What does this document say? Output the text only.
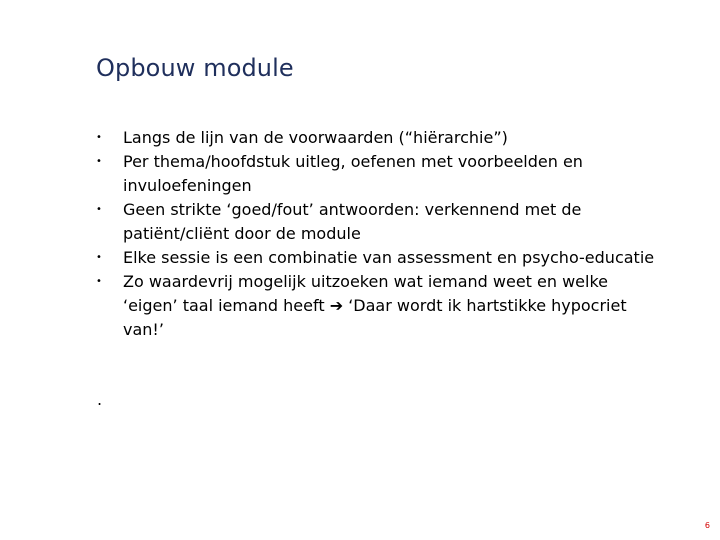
Opbouw module
• Langs de lijn van de voorwaarden (“hiërarchie”)
• Per thema/hoofdstuk uitleg, oefenen met voorbeelden en invuloefeningen
• Geen strikte ‘goed/fout’ antwoorden: verkennend met de patiënt/cliënt door de module
• Elke sessie is een combinatie van assessment en psycho-educatie
• Zo waardevrij mogelijk uitzoeken wat iemand weet en welke ‘eigen’ taal iemand heeft ➔ ‘Daar wordt ik hartstikke hypocriet van!’
.
6
